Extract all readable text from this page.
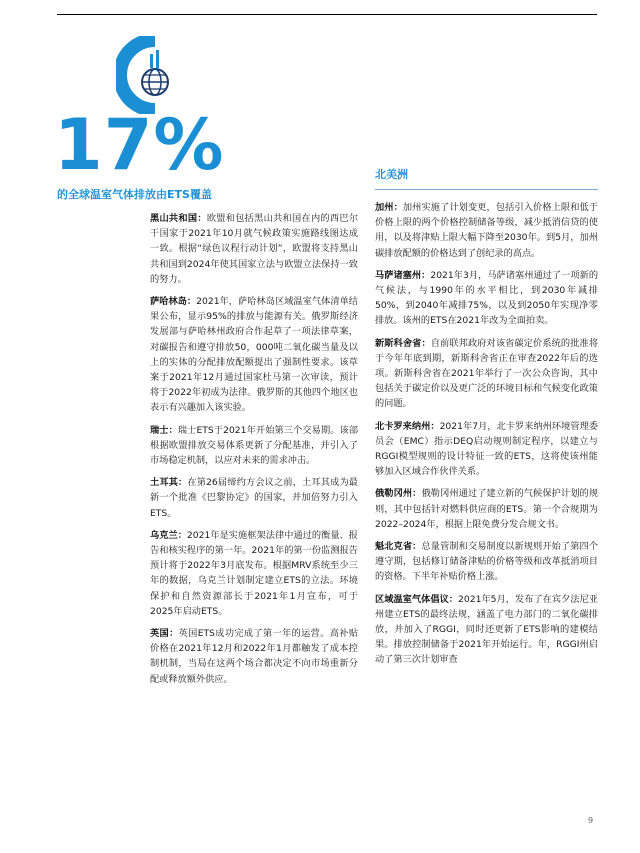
17%
的全球温室气体排放由ETS覆盖

黑山共和国：欧盟和包括黑山共和国在内的西巴尔干国家于2021年10月就气候政策实施路线图达成一致。根据“绿色议程行动计划”，欧盟将支持黑山共和国到2024年使其国家立法与欧盟立法保持一致的努力。

萨哈林岛：2021年，萨哈林岛区域温室气体清单结果公布，显示95%的排放与能源有关。俄罗斯经济发展部与萨哈林州政府合作起草了一项法律草案，对碳报告和遵守排放50，000吨二氧化碳当量及以上的实体的分配排放配额提出了强制性要求。该草案于2021年12月通过国家杜马第一次审读，预计将于2022年初成为法律。俄罗斯的其他四个地区也表示有兴趣加入该实验。

瑞士：瑞士ETS于2021年开始第三个交易期。该部根据欧盟排放交易体系更新了分配基准，并引入了市场稳定机制，以应对未来的需求冲击。

土耳其：在第26届缔约方会议之前，土耳其成为最新一个批准《巴黎协定》的国家，并加倍努力引入ETS。

乌克兰：2021年是实施框架法律中通过的衡量、报告和核实程序的第一年。2021年的第一份监测报告预计将于2022年3月底发布。根据MRV系统至少三年的数据，乌克兰计划制定建立ETS的立法。环境保护和自然资源部长于2021年1月宣布，可于2025年启动ETS。

英国：英国ETS成功完成了第一年的运营。高补贴价格在2021年12月和2022年1月都触发了成本控制机制，当局在这两个场合都决定不向市场重新分配或释放额外供应。

北美洲

加州：加州实施了计划变更，包括引入价格上限和低于价格上限的两个价格控制储备等级，减少抵消信贷的使用，以及将津贴上限大幅下降至2030年。到5月，加州碳排放配额的价格达到了创纪录的高点。

马萨诸塞州：2021年3月，马萨诸塞州通过了一项新的气候法，与1990年的水平相比，到2030年减排50%，到2040年减排75%，以及到2050年实现净零排放。该州的ETS在2021年改为全面拍卖。

新斯科舍省：自前联邦政府对该省碳定价系统的批准将于今年年底到期，新斯科舍省正在审查2022年后的选项。新斯科舍省在2021年举行了一次公众咨询，其中包括关于碳定价以及更广泛的环境目标和气候变化政策的问题。

北卡罗来纳州：2021年7月，北卡罗来纳州环境管理委员会（EMC）指示DEQ启动规则制定程序，以建立与RGGI模型规则的设计特征一致的ETS，这将使该州能够加入区域合作伙伴关系。

俄勒冈州：俄勒冈州通过了建立新的气候保护计划的规则，其中包括针对燃料供应商的ETS。第一个合规期为2022–2024年，根据上限免费分发合规文书。

魁北克省：总量管制和交易制度以新规则开始了第四个遵守期，包括修订储备津贴的价格等级和改革抵消项目的资格。下半年补贴价格上涨。

区域温室气体倡议：2021年5月，发布了在宾夕法尼亚州建立ETS的最终法规，涵盖了电力部门的二氧化碳排放，并加入了RGGI，同时还更新了ETS影响的建模结果。排放控制储备于2021年开始运行。年，RGGI州启动了第三次计划审查

9
